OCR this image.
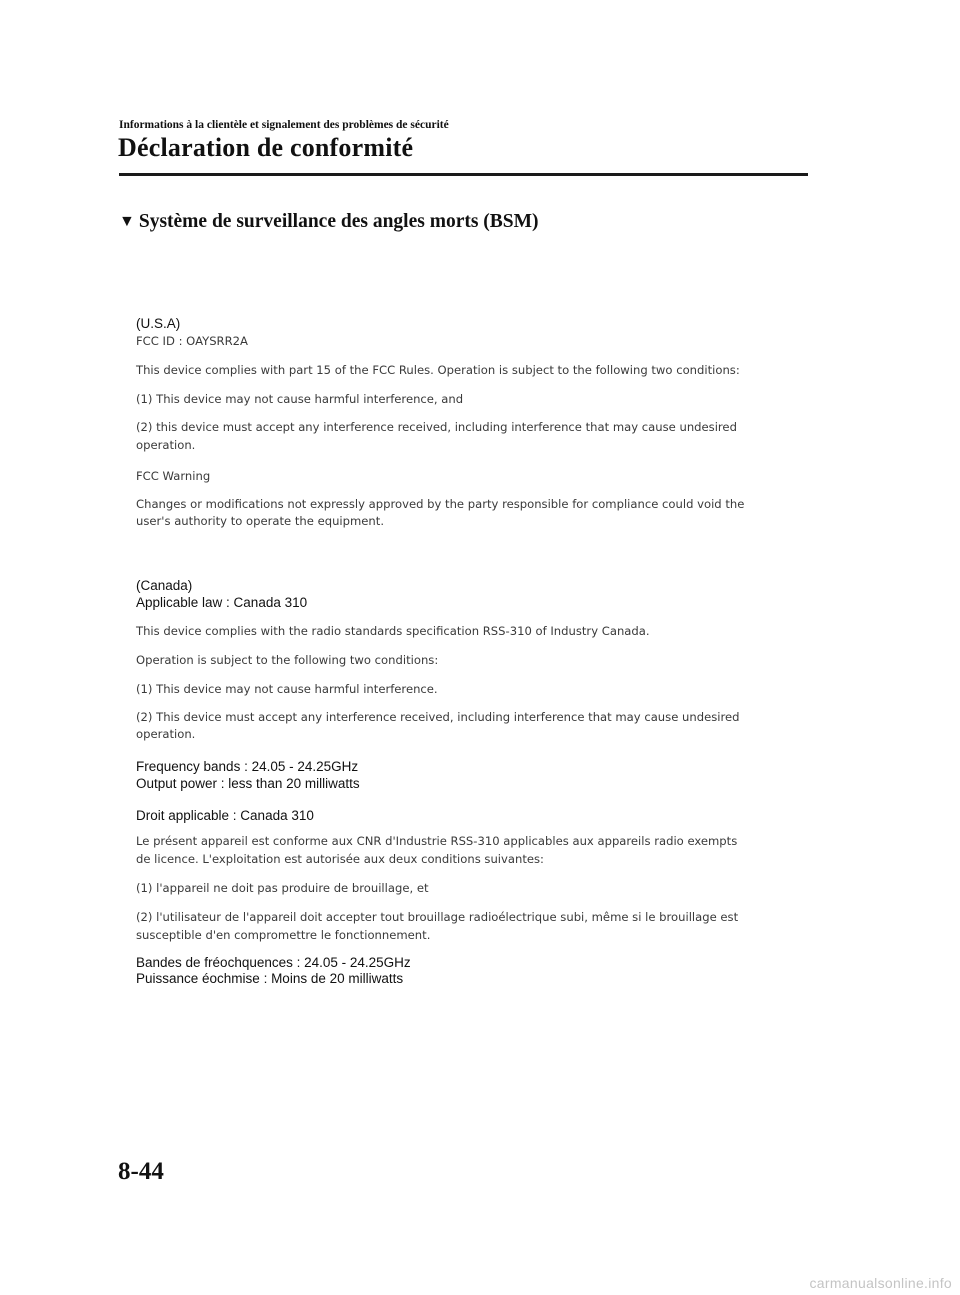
Informations à la clientèle et signalement des problèmes de sécurité
Déclaration de conformité
▼ Système de surveillance des angles morts (BSM)
(U.S.A)
FCC ID : OAYSRR2A
This device complies with part 15 of the FCC Rules. Operation is subject to the following two conditions:
(1) This device may not cause harmful interference, and
(2) this device must accept any interference received, including interference that may cause undesired
operation.
FCC Warning
Changes or modifications not expressly approved by the party responsible for compliance could void the
user's authority to operate the equipment.
(Canada)
Applicable law : Canada 310
This device complies with the radio standards specification RSS-310 of Industry Canada.
Operation is subject to the following two conditions:
(1) This device may not cause harmful interference.
(2) This device must accept any interference received, including interference that may cause undesired
operation.
Frequency bands : 24.05 - 24.25GHz
Output power : less than 20 milliwatts
Droit applicable : Canada 310
Le présent appareil est conforme aux CNR d'Industrie RSS-310 applicables aux appareils radio exempts
de licence. L'exploitation est autorisée aux deux conditions suivantes:
(1) l'appareil ne doit pas produire de brouillage, et
(2) l'utilisateur de l'appareil doit accepter tout brouillage radioélectrique subi, même si le brouillage est
susceptible d'en compromettre le fonctionnement.
Bandes de fréochquences : 24.05 - 24.25GHz
Puissance éochmise : Moins de 20 milliwatts
8-44
carmanualsonline.info
